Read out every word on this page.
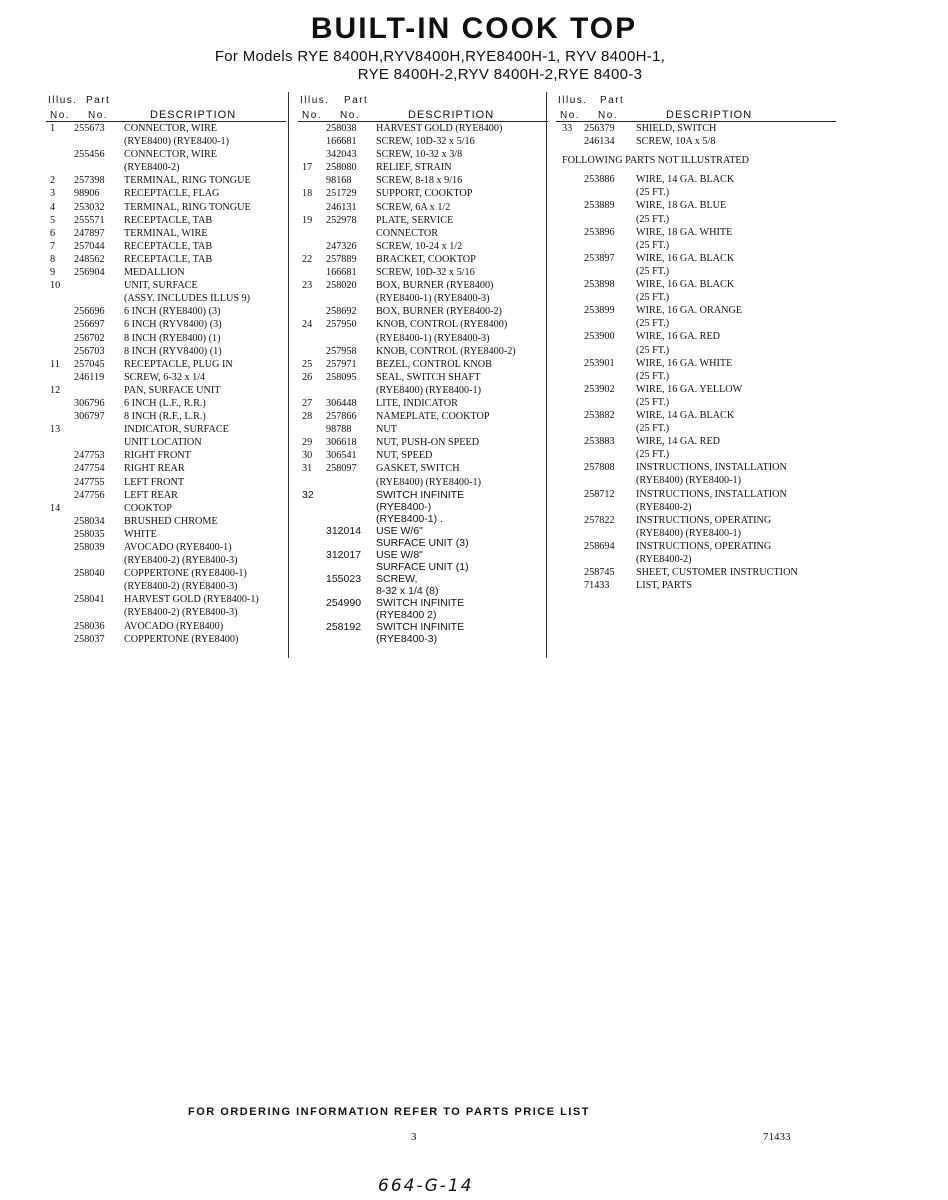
BUILT-IN COOK TOP
For Models RYE 8400H,RYV8400H,RYE8400H-1, RYV 8400H-1,
RYE 8400H-2,RYV 8400H-2,RYE 8400-3
Illus. Part
No. No.	DESCRIPTION
1	255673	CONNECTOR, WIRE
(RYE8400) (RYE8400-1)
255456	CONNECTOR, WIRE
(RYE8400-2)
2	257398	TERMINAL, RING TONGUE
3	98906	RECEPTACLE, FLAG
4	253032	TERMINAL, RING TONGUE
5	255571	RECEPTACLE, TAB
6	247897	TERMINAL, WIRE
7	257044	RECEPTACLE, TAB
8	248562	RECEPTACLE, TAB
9	256904	MEDALLION
10	UNIT, SURFACE
(ASSY. INCLUDES ILLUS 9)
256696	6 INCH (RYE8400) (3)
256697	6 INCH (RYV8400) (3)
256702	8 INCH (RYE8400) (1)
256703	8 INCH (RYV8400) (1)
11	257045	RECEPTACLE, PLUG IN
246119	SCREW, 6-32 x 1/4
12	PAN, SURFACE UNIT
306796	6 INCH (L.F., R.R.)
306797	8 INCH (R.F., L.R.)
13	INDICATOR, SURFACE
UNIT LOCATION
247753	RIGHT FRONT
247754	RIGHT REAR
247755	LEFT FRONT
247756	LEFT REAR
14	COOKTOP
258034	BRUSHED CHROME
258035	WHITE
258039	AVOCADO (RYE8400-1)
(RYE8400-2) (RYE8400-3)
258040	COPPERTONE (RYE8400-1)
(RYE8400-2) (RYE8400-3)
258041	HARVEST GOLD (RYE8400-1)
(RYE8400-2) (RYE8400-3)
258036	AVOCADO (RYE8400)
258037	COPPERTONE (RYE8400)
Illus. Part
No. No.	DESCRIPTION
258038	HARVEST GOLD (RYE8400)
166681	SCREW, 10D-32 x 5/16
342043	SCREW, 10-32 x 3/8
17	258080	RELIEF, STRAIN
98168	SCREW, 8-18 x 9/16
18	251729	SUPPORT, COOKTOP
246131	SCREW, 6A x 1/2
19	252978	PLATE, SERVICE
CONNECTOR
247326	SCREW, 10-24 x 1/2
22	257889	BRACKET, COOKTOP
166681	SCREW, 10D-32 x 5/16
23	258020	BOX, BURNER (RYE8400)
(RYE8400-1) (RYE8400-3)
258692	BOX, BURNER (RYE8400-2)
24	257950	KNOB, CONTROL (RYE8400)
(RYE8400-1) (RYE8400-3)
257958	KNOB, CONTROL (RYE8400-2)
25	257971	BEZEL, CONTROL KNOB
26	258095	SEAL, SWITCH SHAFT
(RYE8400) (RYE8400-1)
27	306448	LITE, INDICATOR
28	257866	NAMEPLATE, COOKTOP
98788	NUT
29	306618	NUT, PUSH-ON SPEED
30	306541	NUT, SPEED
31	258097	GASKET, SWITCH
(RYE8400) (RYE8400-1)
32	SWITCH INFINITE
(RYE8400-)
(RYE8400-1) .
312014	USE W/6"
SURFACE UNIT (3)
312017	USE W/8"
SURFACE UNIT (1)
155023	SCREW,
8-32 x 1/4 (8)
254990	SWITCH INFINITE
(RYE8400 2)
258192	SWITCH INFINITE
(RYE8400-3)
Illus. Part
No. No.	DESCRIPTION
33	256379	SHIELD, SWITCH
246134	SCREW, 10A x 5/8
FOLLOWING PARTS NOT ILLUSTRATED
253886	WIRE, 14 GA. BLACK
(25 FT.)
253889	WIRE, 18 GA. BLUE
(25 FT.)
253896	WIRE, 18 GA. WHITE
(25 FT.)
253897	WIRE, 16 GA. BLACK
(25 FT.)
253898	WIRE, 16 GA. BLACK
(25 FT.)
253899	WIRE, 16 GA. ORANGE
(25 FT.)
253900	WIRE, 16 GA. RED
(25 FT.)
253901	WIRE, 16 GA. WHITE
(25 FT.)
253902	WIRE, 16 GA. YELLOW
(25 FT.)
253882	WIRE, 14 GA. BLACK
(25 FT.)
253883	WIRE, 14 GA. RED
(25 FT.)
257808	INSTRUCTIONS, INSTALLATION
(RYE8400) (RYE8400-1)
258712	INSTRUCTIONS, INSTALLATION
(RYE8400-2)
257822	INSTRUCTIONS, OPERATING
(RYE8400) (RYE8400-1)
258694	INSTRUCTIONS, OPERATING
(RYE8400-2)
258745	SHEET, CUSTOMER INSTRUCTION
71433	LIST, PARTS
FOR ORDERING INFORMATION REFER TO PARTS PRICE LIST
3	71433
664-G-14
